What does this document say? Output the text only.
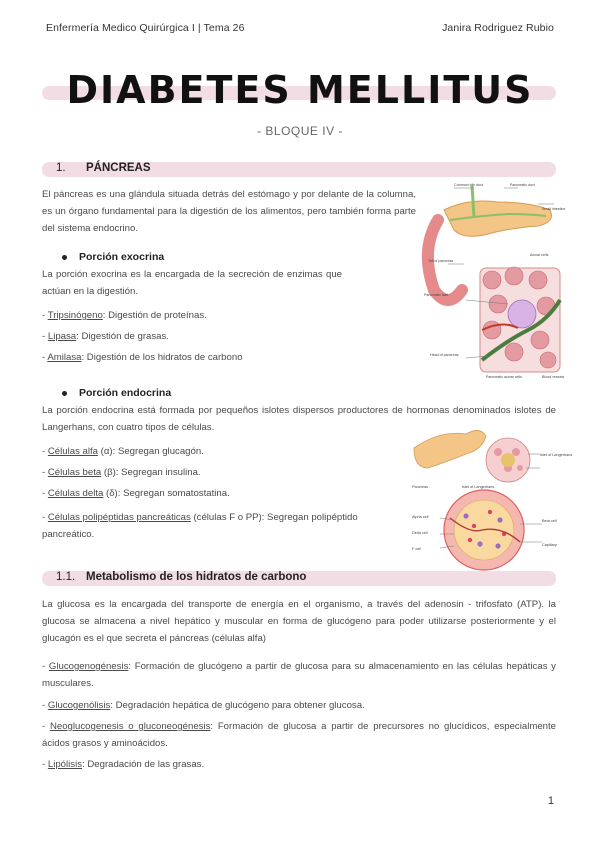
Enfermería Medico Quirúrgica I | Tema 26	Janira Rodriguez Rubio
DIABETES MELLITUS
- BLOQUE IV -
1. PÁNCREAS
El páncreas es una glándula situada detrás del estómago y por delante de la columna, es un órgano fundamental para la digestión de los alimentos, pero también forma parte del sistema endocrino.
Porción exocrina
La porción exocrina es la encargada de la secreción de enzimas que actúan en la digestión.
- Tripsinógeno: Digestión de proteínas.
- Lipasa: Digestión de grasas.
- Amilasa: Digestión de los hidratos de carbono
Common bile duct	Pancreatic duct
Small intestine
Tail of pancreas
Acinar cells
Pancreatic islet
Head of pancreas
Pancreatic acinar cells	Blood vessels
Porción endocrina
La porción endocrina está formada por pequeños islotes dispersos productores de hormonas denominados islotes de Langerhans, con cuatro tipos de células.
- Células alfa (α): Segregan glucagón.
- Células beta (β): Segregan insulina.
- Células delta (δ): Segregan somatostatina.
- Células polipéptidas pancreáticas (células F o PP): Segregan polipéptido pancreático.
Pancreas	Islet of Langerhans
Islet of Langerhans
Alpha cell
Beta cell
Delta cell
F cell
Capillary
1.1. Metabolismo de los hidratos de carbono
La glucosa es la encargada del transporte de energía en el organismo, a través del adenosin - trifosfato (ATP). la glucosa se almacena a nivel hepático y muscular en forma de glucógeno para poder utilizarse posteriormente y el glucagón es el que secreta el páncreas (células alfa)
- Glucogenogénesis: Formación de glucógeno a partir de glucosa para su almacenamiento en las células hepáticas y musculares.
- Glucogenólisis: Degradación hepática de glucógeno para obtener glucosa.
- Neoglucogenesis o gluconeogénesis: Formación de glucosa a partir de precursores no glucídicos, especialmente ácidos grasos y aminoácidos.
- Lipólisis: Degradación de las grasas.
1
